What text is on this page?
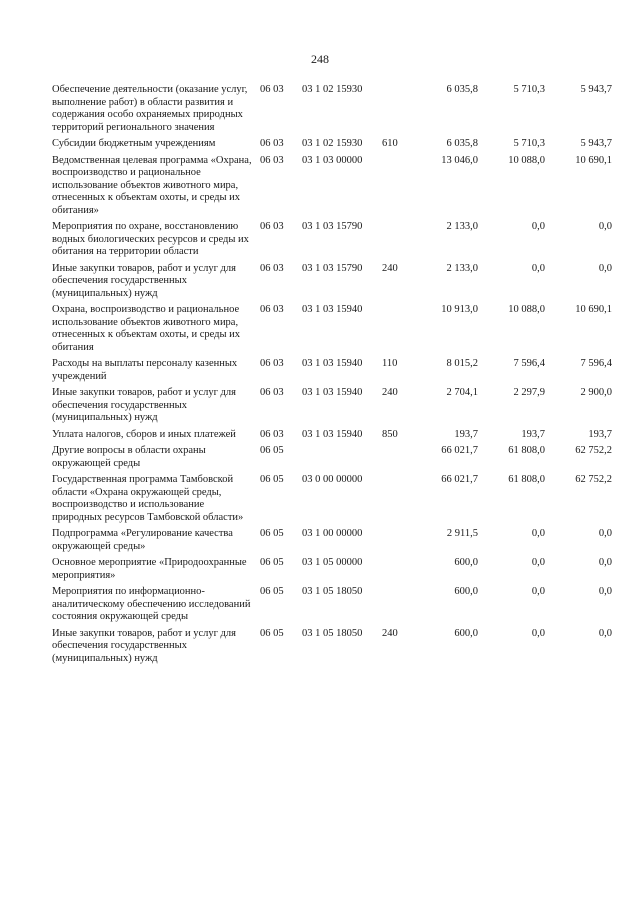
248
Обеспечение деятельности (оказание услуг, выполнение работ) в области развития и содержания особо охраняемых природных территорий регионального значения	06 03	03 1 02 15930		6 035,8	5 710,3	5 943,7
Субсидии бюджетным учреждениям	06 03	03 1 02 15930	610	6 035,8	5 710,3	5 943,7
Ведомственная целевая программа «Охрана, воспроизводство и рациональное использование объектов животного мира, отнесенных к объектам охоты, и среды их обитания»	06 03	03 1 03 00000		13 046,0	10 088,0	10 690,1
Мероприятия по охране, восстановлению водных биологических ресурсов и среды их обитания на территории области	06 03	03 1 03 15790		2 133,0	0,0	0,0
Иные закупки товаров, работ и услуг для обеспечения государственных (муниципальных) нужд	06 03	03 1 03 15790	240	2 133,0	0,0	0,0
Охрана, воспроизводство и рациональное использование объектов животного мира, отнесенных к объектам охоты, и среды их обитания	06 03	03 1 03 15940		10 913,0	10 088,0	10 690,1
Расходы на выплаты персоналу казенных учреждений	06 03	03 1 03 15940	110	8 015,2	7 596,4	7 596,4
Иные закупки товаров, работ и услуг для обеспечения государственных (муниципальных) нужд	06 03	03 1 03 15940	240	2 704,1	2 297,9	2 900,0
Уплата налогов, сборов и иных платежей	06 03	03 1 03 15940	850	193,7	193,7	193,7
Другие вопросы в области охраны окружающей среды	06 05			66 021,7	61 808,0	62 752,2
Государственная программа Тамбовской области «Охрана окружающей среды, воспроизводство и использование природных ресурсов Тамбовской области»	06 05	03 0 00 00000		66 021,7	61 808,0	62 752,2
Подпрограмма «Регулирование качества окружающей среды»	06 05	03 1 00 00000		2 911,5	0,0	0,0
Основное мероприятие «Природоохранные мероприятия»	06 05	03 1 05 00000		600,0	0,0	0,0
Мероприятия по информационно-аналитическому обеспечению исследований состояния окружающей среды	06 05	03 1 05 18050		600,0	0,0	0,0
Иные закупки товаров, работ и услуг для обеспечения государственных (муниципальных) нужд	06 05	03 1 05 18050	240	600,0	0,0	0,0
